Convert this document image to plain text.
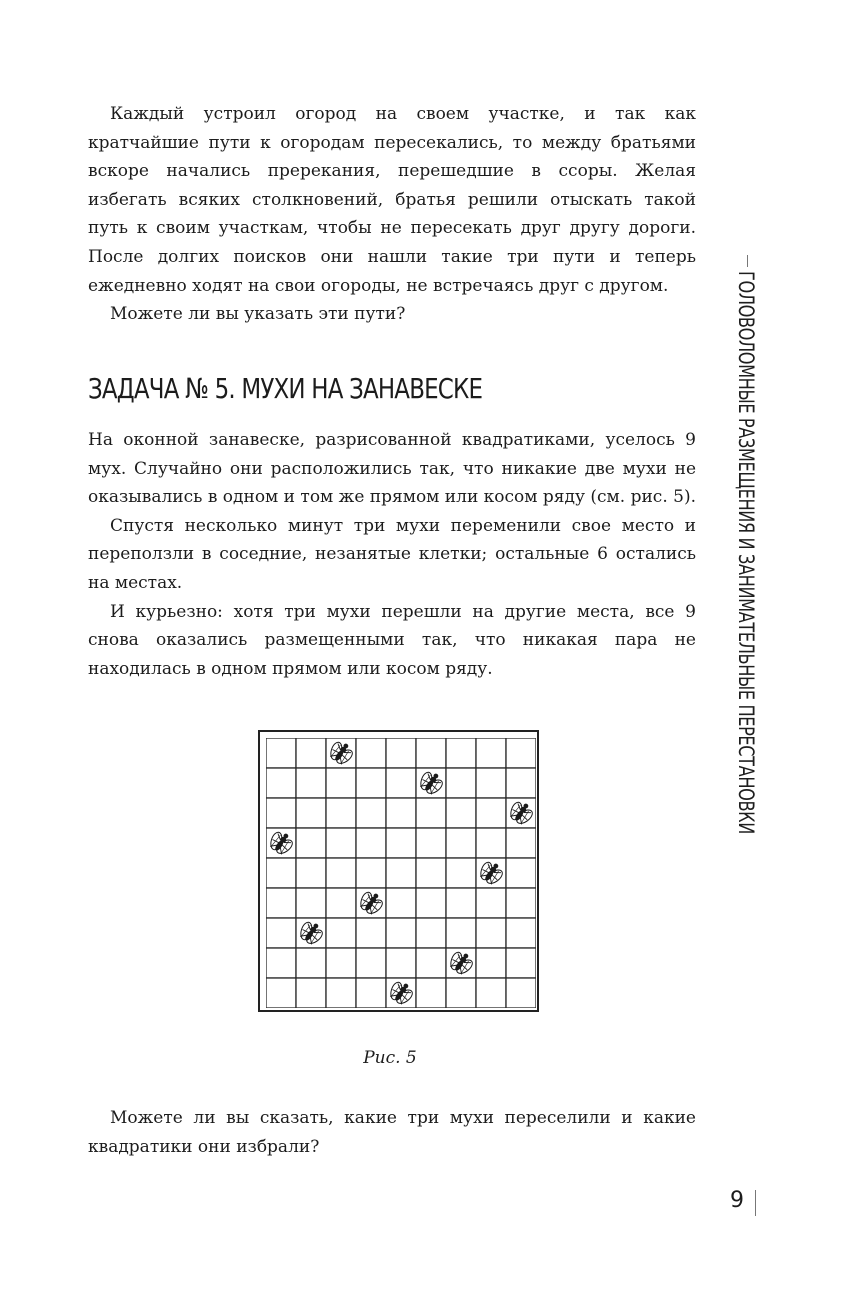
Каждый устроил огород на своем участке, и так как кратчайшие пути к огородам пересекались, то между братьями вскоре начались пререкания, перешедшие в ссоры. Желая избегать всяких столкновений, братья решили отыскать такой путь к своим участкам, чтобы не пересекать друг другу дороги. После долгих поисков они нашли такие три пути и теперь ежедневно ходят на свои огороды, не встречаясь друг с другом.

Можете ли вы указать эти пути?

ЗАДАЧА № 5. МУХИ НА ЗАНАВЕСКЕ

На оконной занавеске, разрисованной квадратиками, уселось 9 мух. Случайно они расположились так, что никакие две мухи не оказывались в одном и том же прямом или косом ряду (см. рис. 5).

Спустя несколько минут три мухи переменили свое место и переползли в соседние, незанятые клетки; остальные 6 остались на местах.

И курьезно: хотя три мухи перешли на другие места, все 9 снова оказались размещенными так, что никакая пара не находилась в одном прямом или косом ряду.

Рис. 5

Можете ли вы сказать, какие три мухи переселили и какие квадратики они избрали?

ГОЛОВОЛОМНЫЕ РАЗМЕЩЕНИЯ И ЗАНИМАТЕЛЬНЫЕ ПЕРЕСТАНОВКИ
9
